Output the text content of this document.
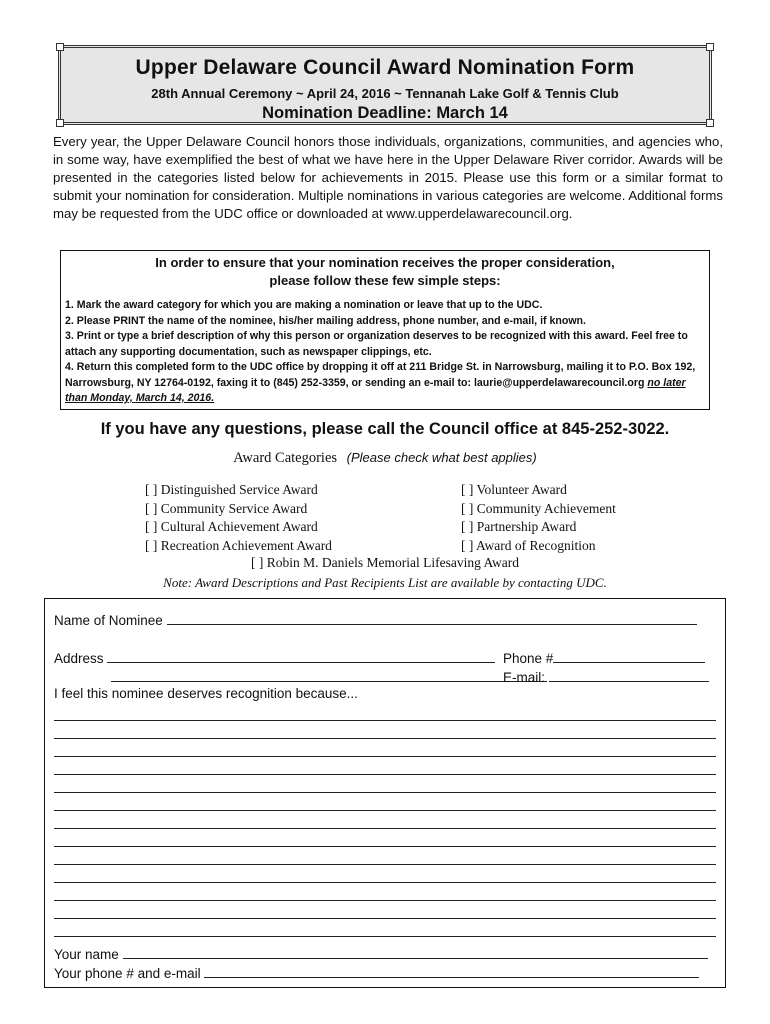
Upper Delaware Council Award Nomination Form
28th Annual Ceremony ~ April 24, 2016 ~ Tennanah Lake Golf & Tennis Club
Nomination Deadline: March 14
Every year, the Upper Delaware Council honors those individuals, organizations, communities, and agencies who, in some way, have exemplified the best of what we have here in the Upper Delaware River corridor. Awards will be presented in the categories listed below for achievements in 2015. Please use this form or a similar format to submit your nomination for consideration. Multiple nominations in various categories are welcome. Additional forms may be requested from the UDC office or downloaded at www.upperdelawarecouncil.org.
In order to ensure that your nomination receives the proper consideration,
please follow these few simple steps:
1. Mark the award category for which you are making a nomination or leave that up to the UDC.
2. Please PRINT the name of the nominee, his/her mailing address, phone number, and e-mail, if known.
3. Print or type a brief description of why this person or organization deserves to be recognized with this award. Feel free to attach any supporting documentation, such as newspaper clippings, etc.
4. Return this completed form to the UDC office by dropping it off at 211 Bridge St. in Narrowsburg, mailing it to P.O. Box 192, Narrowsburg, NY 12764-0192, faxing it to (845) 252-3359, or sending an e-mail to: laurie@upperdelawarecouncil.org no later than Monday, March 14, 2016.
If you have any questions, please call the Council office at 845-252-3022.
Award Categories (Please check what best applies)
[ ] Distinguished Service Award
[ ] Community Service Award
[ ] Cultural Achievement Award
[ ] Recreation Achievement Award
[ ] Volunteer Award
[ ] Community Achievement
[ ] Partnership Award
[ ] Award of Recognition
[ ] Robin M. Daniels Memorial Lifesaving Award
Note: Award Descriptions and Past Recipients List are available by contacting UDC.
Name of Nominee
Address	Phone #
E-mail:
I feel this nominee deserves recognition because...
Your name
Your phone # and e-mail
